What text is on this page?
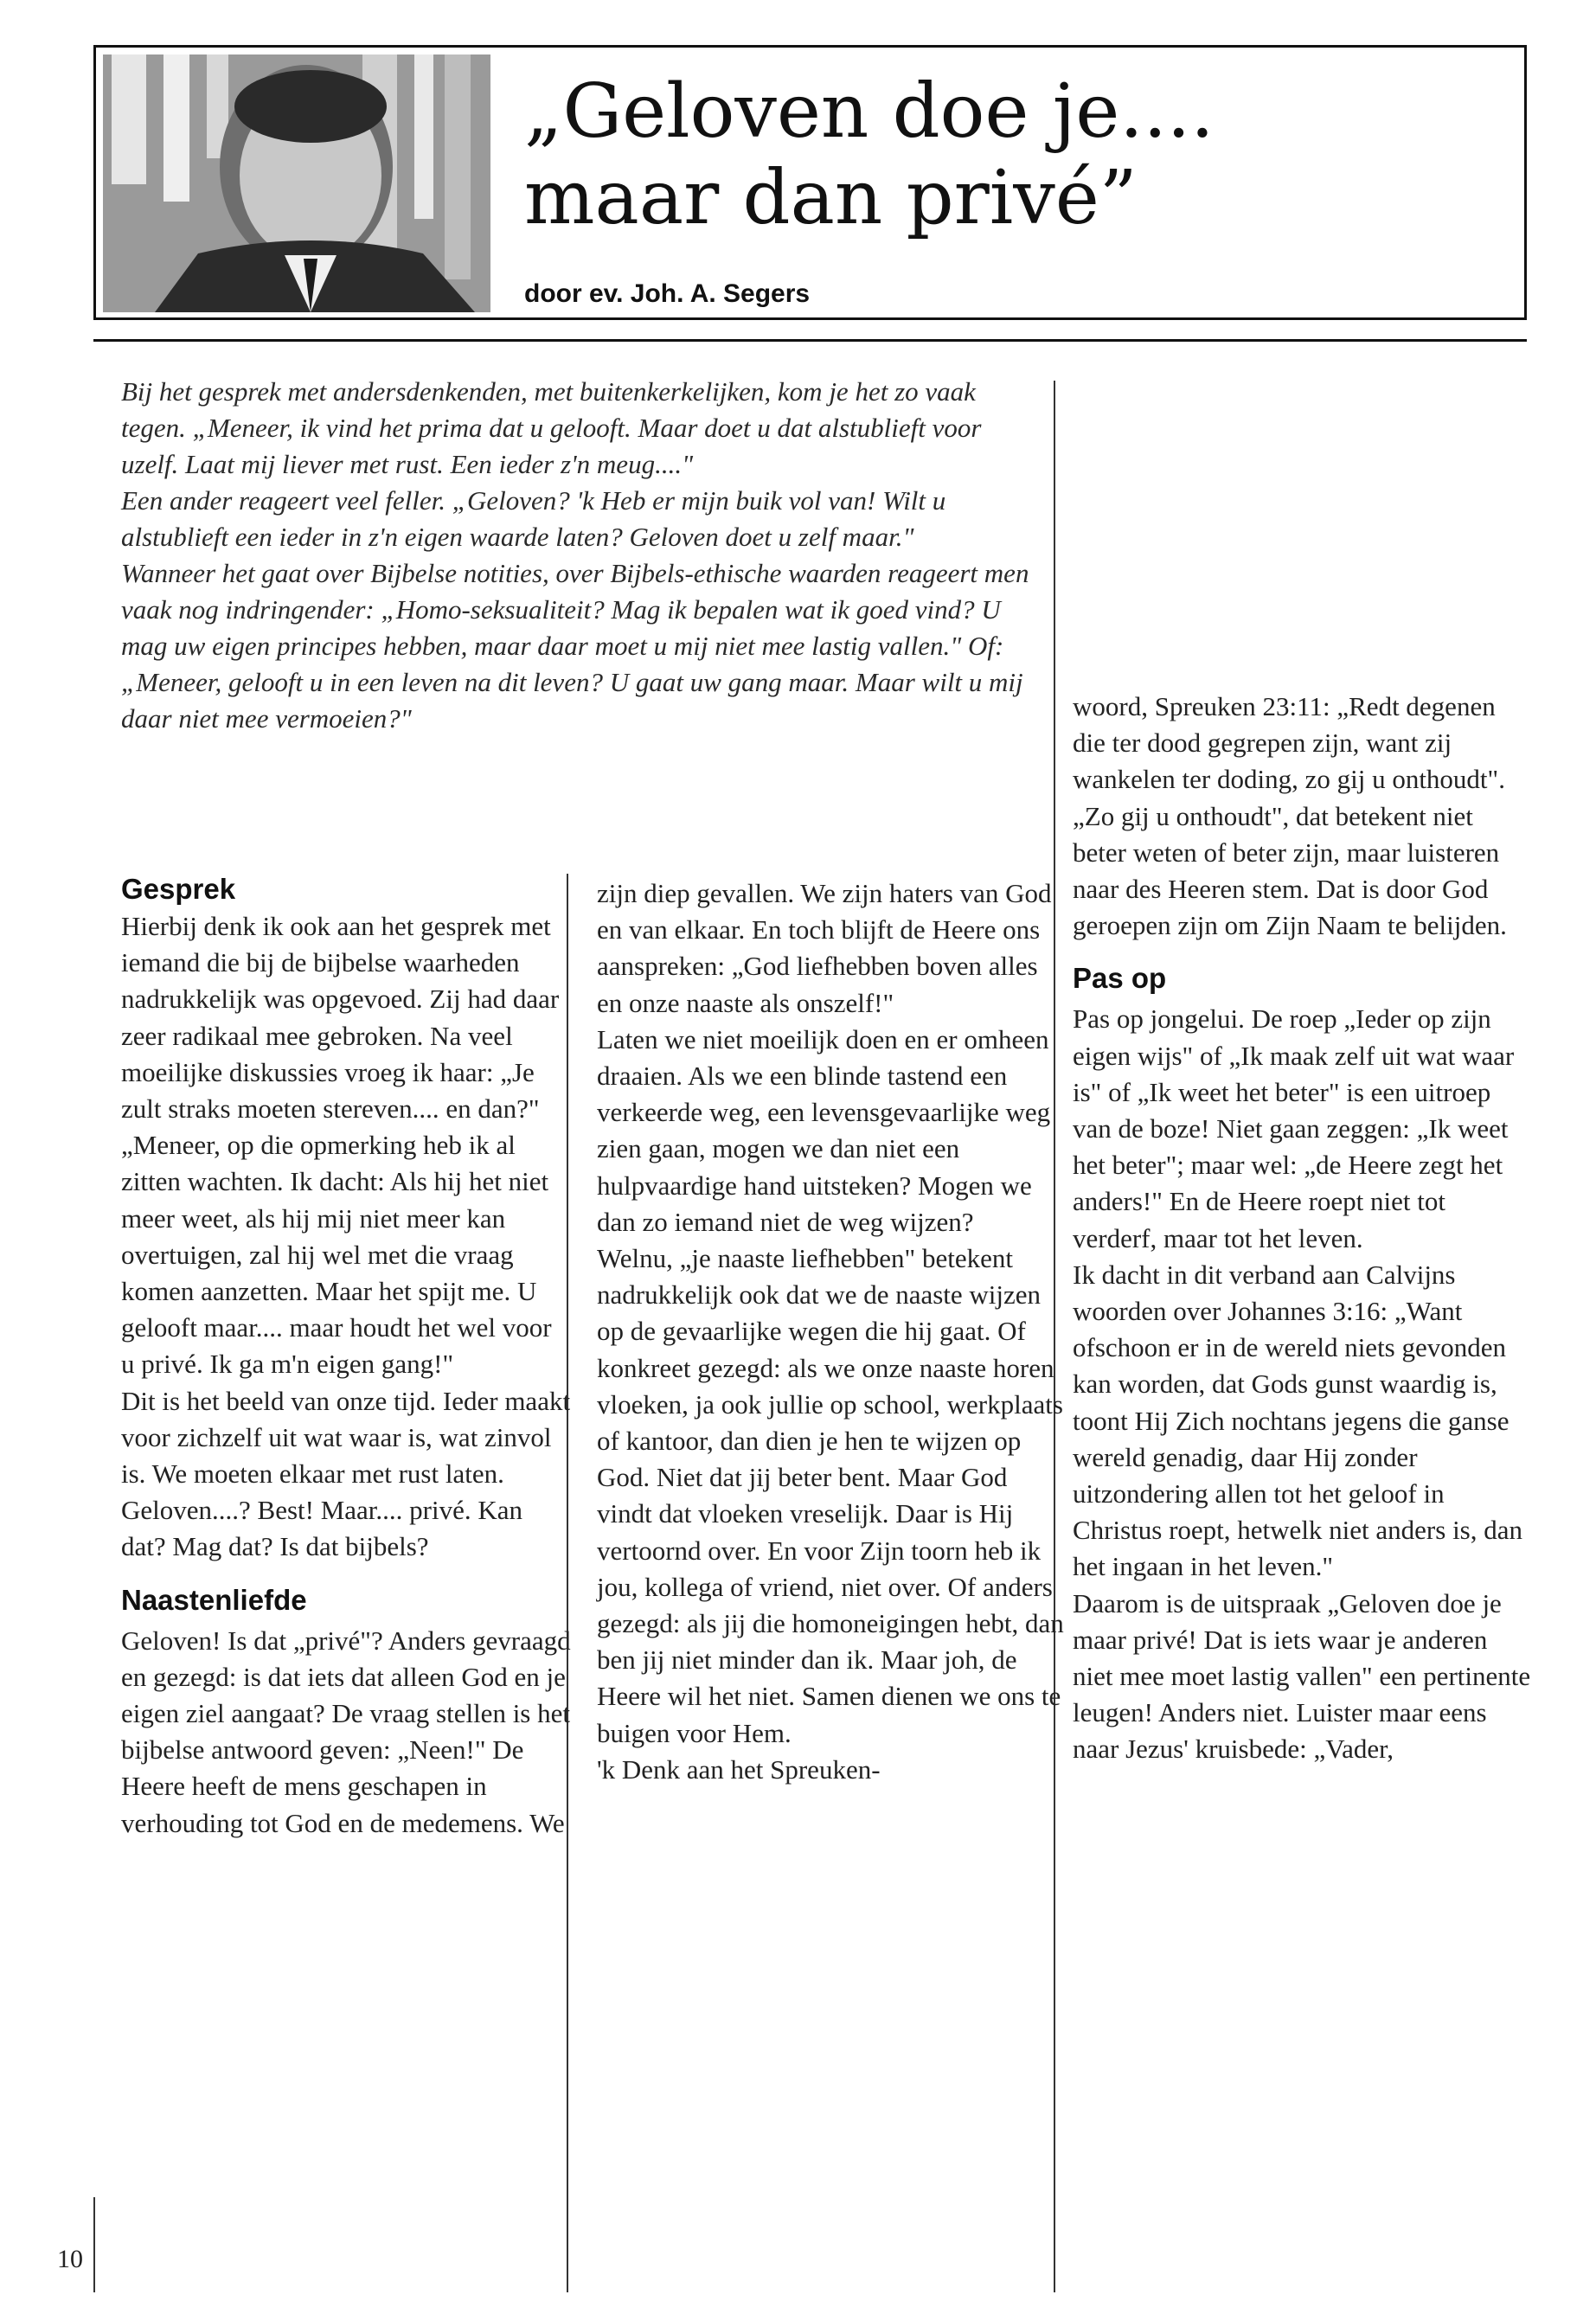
„Geloven doe je....
maar dan privé”
door ev. Joh. A. Segers

Bij het gesprek met andersdenkenden, met buitenkerkelijken, kom je het zo vaak tegen. „Meneer, ik vind het prima dat u gelooft. Maar doet u dat alstublieft voor uzelf. Laat mij liever met rust. Een ieder z'n meug...."

Een ander reageert veel feller. „Geloven? 'k Heb er mijn buik vol van! Wilt u alstublieft een ieder in z'n eigen waarde laten? Geloven doet u zelf maar."

Wanneer het gaat over Bijbelse notities, over Bijbels-ethische waarden reageert men vaak nog indringender: „Homo-seksualiteit? Mag ik bepalen wat ik goed vind? U mag uw eigen principes hebben, maar daar moet u mij niet mee lastig vallen." Of: „Meneer, gelooft u in een leven na dit leven? U gaat uw gang maar. Maar wilt u mij daar niet mee vermoeien?"

Gesprek

Hierbij denk ik ook aan het gesprek met iemand die bij de bijbelse waarheden nadrukkelijk was opgevoed. Zij had daar zeer radikaal mee gebroken. Na veel moeilijke diskussies vroeg ik haar: „Je zult straks moeten stereven.... en dan?" „Meneer, op die opmerking heb ik al zitten wachten. Ik dacht: Als hij het niet meer weet, als hij mij niet meer kan overtuigen, zal hij wel met die vraag komen aanzetten. Maar het spijt me. U gelooft maar.... maar houdt het wel voor u privé. Ik ga m'n eigen gang!"

Dit is het beeld van onze tijd. Ieder maakt voor zichzelf uit wat waar is, wat zinvol is. We moeten elkaar met rust laten. Geloven....? Best! Maar.... privé. Kan dat? Mag dat? Is dat bijbels?

Naastenliefde

Geloven! Is dat „privé"? Anders gevraagd en gezegd: is dat iets dat alleen God en je eigen ziel aangaat? De vraag stellen is het bijbelse antwoord geven: „Neen!" De Heere heeft de mens geschapen in verhouding tot God en de medemens. We

zijn diep gevallen. We zijn haters van God en van elkaar. En toch blijft de Heere ons aanspreken: „God liefhebben boven alles en onze naaste als onszelf!"

Laten we niet moeilijk doen en er omheen draaien. Als we een blinde tastend een verkeerde weg, een levensgevaarlijke weg zien gaan, mogen we dan niet een hulpvaardige hand uitsteken? Mogen we dan zo iemand niet de weg wijzen?

Welnu, „je naaste liefhebben" betekent nadrukkelijk ook dat we de naaste wijzen op de gevaarlijke wegen die hij gaat. Of konkreet gezegd: als we onze naaste horen vloeken, ja ook jullie op school, werkplaats of kantoor, dan dien je hen te wijzen op God. Niet dat jij beter bent. Maar God vindt dat vloeken vreselijk. Daar is Hij vertoornd over. En voor Zijn toorn heb ik jou, kollega of vriend, niet over. Of anders gezegd: als jij die homoneigingen hebt, dan ben jij niet minder dan ik. Maar joh, de Heere wil het niet. Samen dienen we ons te buigen voor Hem.

'k Denk aan het Spreuken-

woord, Spreuken 23:11: „Redt degenen die ter dood gegrepen zijn, want zij wankelen ter doding, zo gij u onthoudt". „Zo gij u onthoudt", dat betekent niet beter weten of beter zijn, maar luisteren naar des Heeren stem. Dat is door God geroepen zijn om Zijn Naam te belijden.

Pas op

Pas op jongelui. De roep „Ieder op zijn eigen wijs" of „Ik maak zelf uit wat waar is" of „Ik weet het beter" is een uitroep van de boze! Niet gaan zeggen: „Ik weet het beter"; maar wel: „de Heere zegt het anders!" En de Heere roept niet tot verderf, maar tot het leven.

Ik dacht in dit verband aan Calvijns woorden over Johannes 3:16: „Want ofschoon er in de wereld niets gevonden kan worden, dat Gods gunst waardig is, toont Hij Zich nochtans jegens die ganse wereld genadig, daar Hij zonder uitzondering allen tot het geloof in Christus roept, hetwelk niet anders is, dan het ingaan in het leven."

Daarom is de uitspraak „Geloven doe je maar privé! Dat is iets waar je anderen niet mee moet lastig vallen" een pertinente leugen! Anders niet. Luister maar eens naar Jezus' kruisbede: „Vader,

10
